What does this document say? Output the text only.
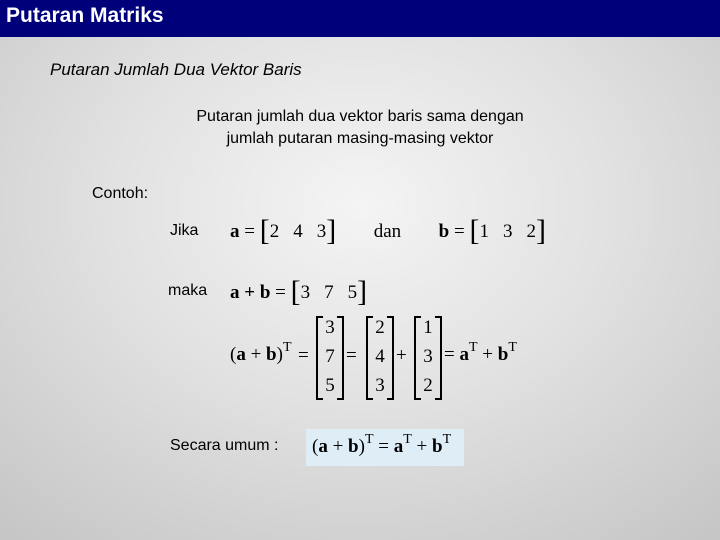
Putaran Matriks
Putaran Jumlah Dua Vektor Baris
Putaran jumlah dua vektor baris sama dengan
jumlah putaran masing-masing vektor
Contoh:
Jika a = [2 4 3] dan b = [1 3 2]
maka a + b = [3 7 5]
$(a + b)^T$ =
3
7
5
=
2
4
3
+
1
3
2
= $a^T + b^T$
Secara umum : $(a + b)^T = a^T + b^T$
